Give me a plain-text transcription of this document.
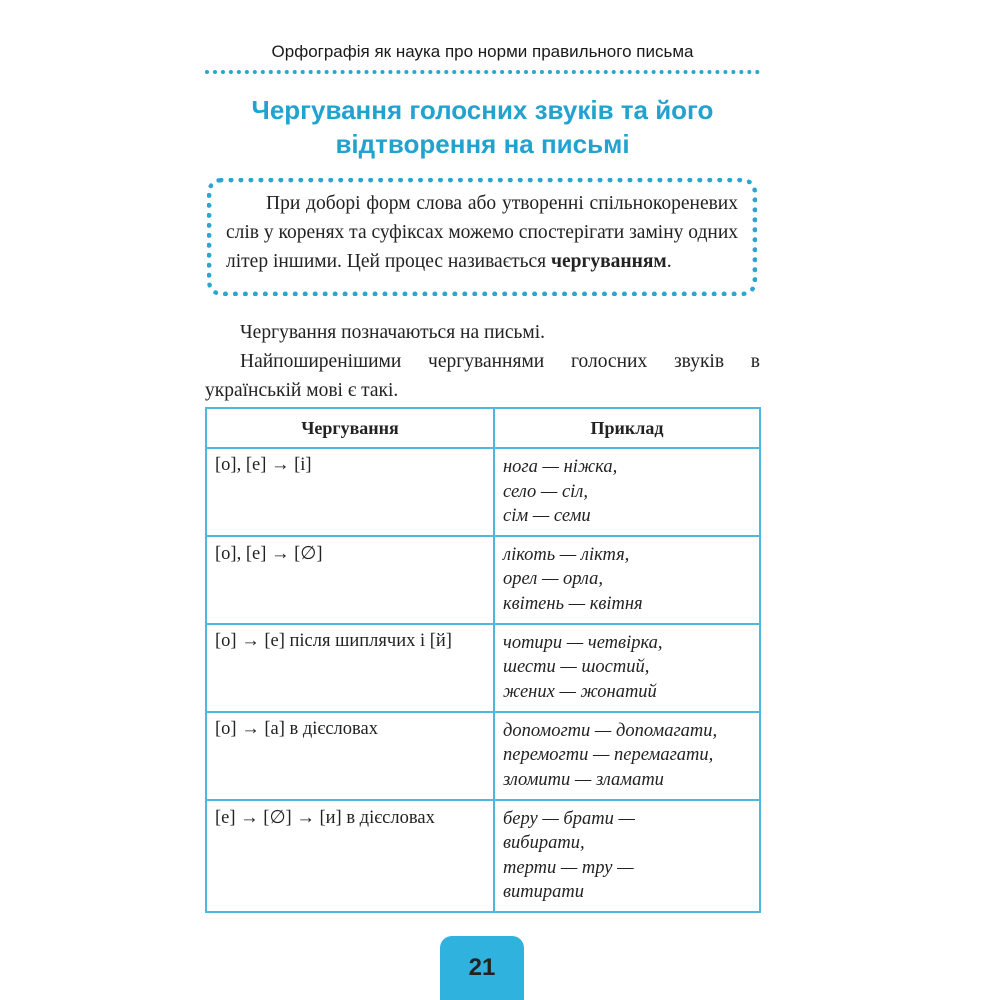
Орфографія як наука про норми правильного письма
Чергування голосних звуків та його
відтворення на письмі

При доборі форм слова або утворенні спільнокореневих слів у коренях та суфіксах можемо спостерігати заміну одних літер іншими. Цей процес називається чергуванням.

Чергування позначаються на письмі.

Найпоширенішими чергуваннями голосних звуків в українській мові є такі.

Чергування	Приклад
[о], [е] → [і]	нога — ніжка,
село — сіл,
сім — семи

[о], [е] → [∅]	лікоть — ліктя,
орел — орла,
квітень — квітня

[о] → [е] після шиплячих і [й]	чотири — четвірка,
шести — шостий,
жених — жонатий

[о] → [а] в дієсловах	допомогти — допомагати,
перемогти — перемагати,
зломити — зламати

[е] → [∅] → [и] в дієсловах	беру — брати —
вибирати,
терти — тру —
витирати
21
